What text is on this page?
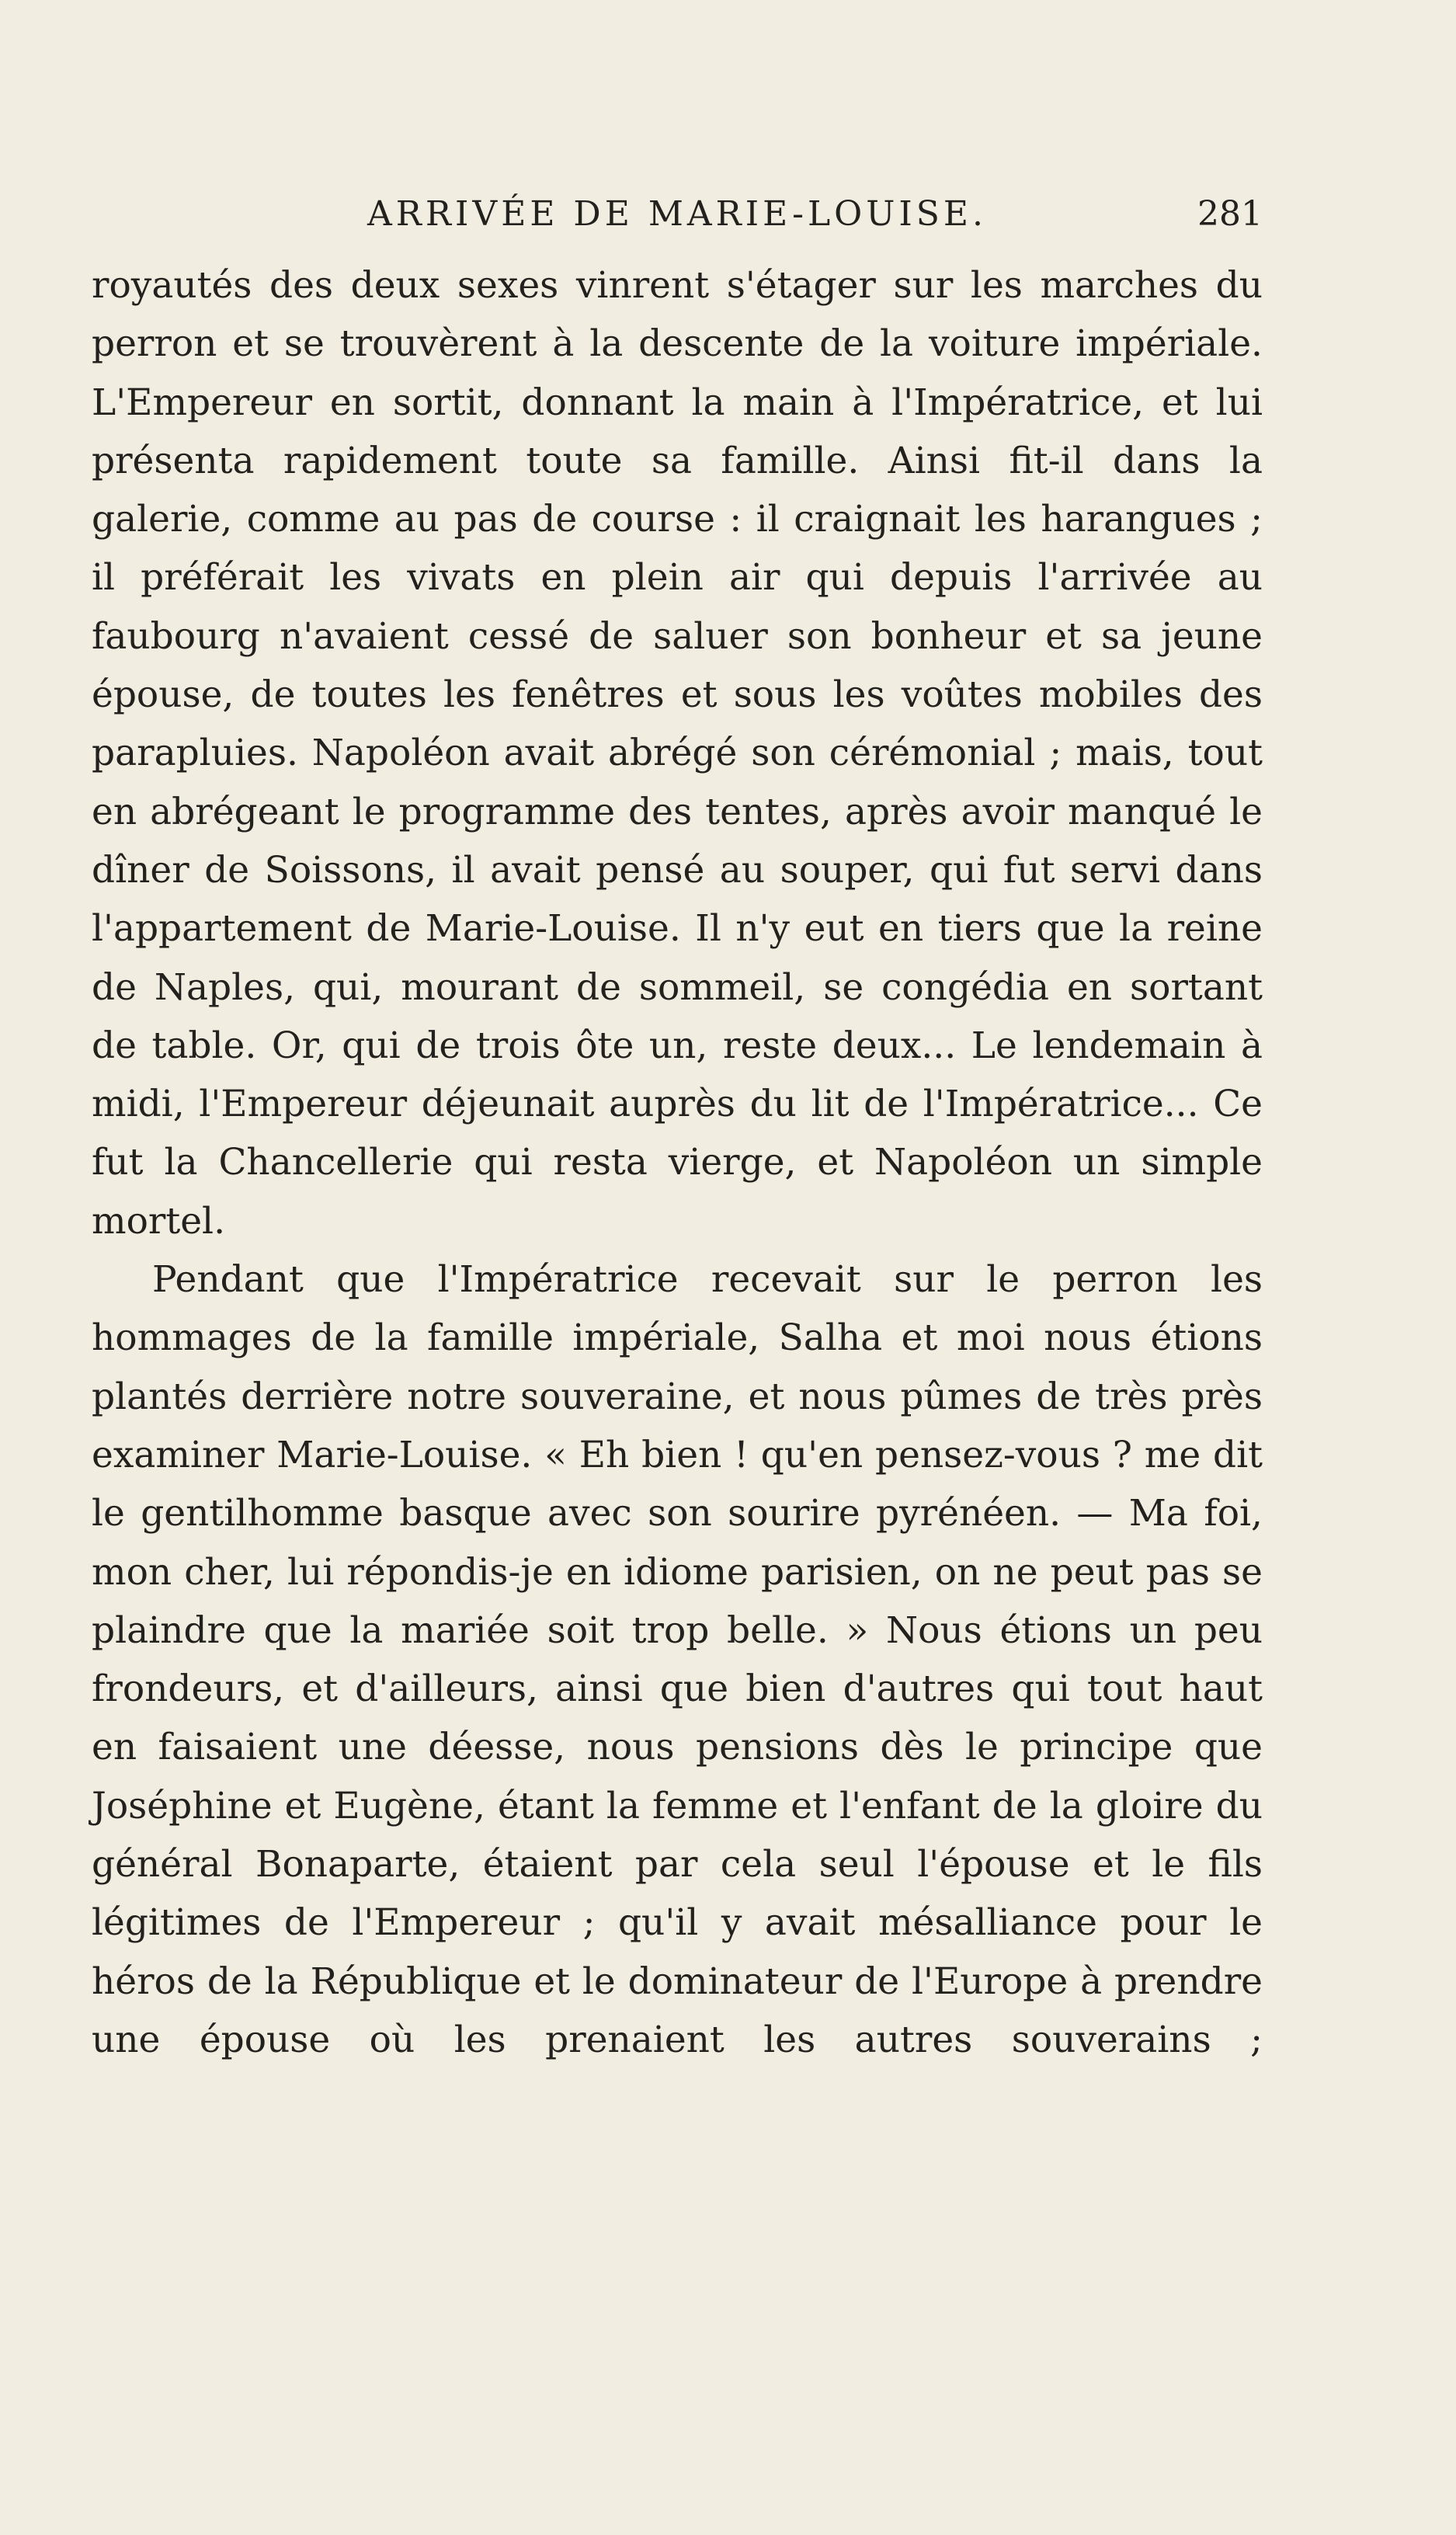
ARRIVÉE DE MARIE-LOUISE.	281

royautés des deux sexes vinrent s'étager sur les marches du perron et se trouvèrent à la descente de la voiture impériale. L'Empereur en sortit, donnant la main à l'Impératrice, et lui présenta rapidement toute sa famille. Ainsi fit-il dans la galerie, comme au pas de course : il craignait les harangues ; il préférait les vivats en plein air qui depuis l'arrivée au faubourg n'avaient cessé de saluer son bonheur et sa jeune épouse, de toutes les fenêtres et sous les voûtes mobiles des parapluies. Napoléon avait abrégé son cérémonial ; mais, tout en abrégeant le programme des tentes, après avoir manqué le dîner de Soissons, il avait pensé au souper, qui fut servi dans l'appartement de Marie-Louise. Il n'y eut en tiers que la reine de Naples, qui, mourant de sommeil, se congédia en sortant de table. Or, qui de trois ôte un, reste deux... Le lendemain à midi, l'Empereur déjeunait auprès du lit de l'Impératrice... Ce fut la Chancellerie qui resta vierge, et Napoléon un simple mortel.

Pendant que l'Impératrice recevait sur le perron les hommages de la famille impériale, Salha et moi nous étions plantés derrière notre souveraine, et nous pûmes de très près examiner Marie-Louise. « Eh bien ! qu'en pensez-vous ? me dit le gentilhomme basque avec son sourire pyrénéen. — Ma foi, mon cher, lui répondis-je en idiome parisien, on ne peut pas se plaindre que la mariée soit trop belle. » Nous étions un peu frondeurs, et d'ailleurs, ainsi que bien d'autres qui tout haut en faisaient une déesse, nous pensions dès le principe que Joséphine et Eugène, étant la femme et l'enfant de la gloire du général Bonaparte, étaient par cela seul l'épouse et le fils légitimes de l'Empereur ; qu'il y avait mésalliance pour le héros de la République et le dominateur de l'Europe à prendre une épouse où les prenaient les autres souverains ;
